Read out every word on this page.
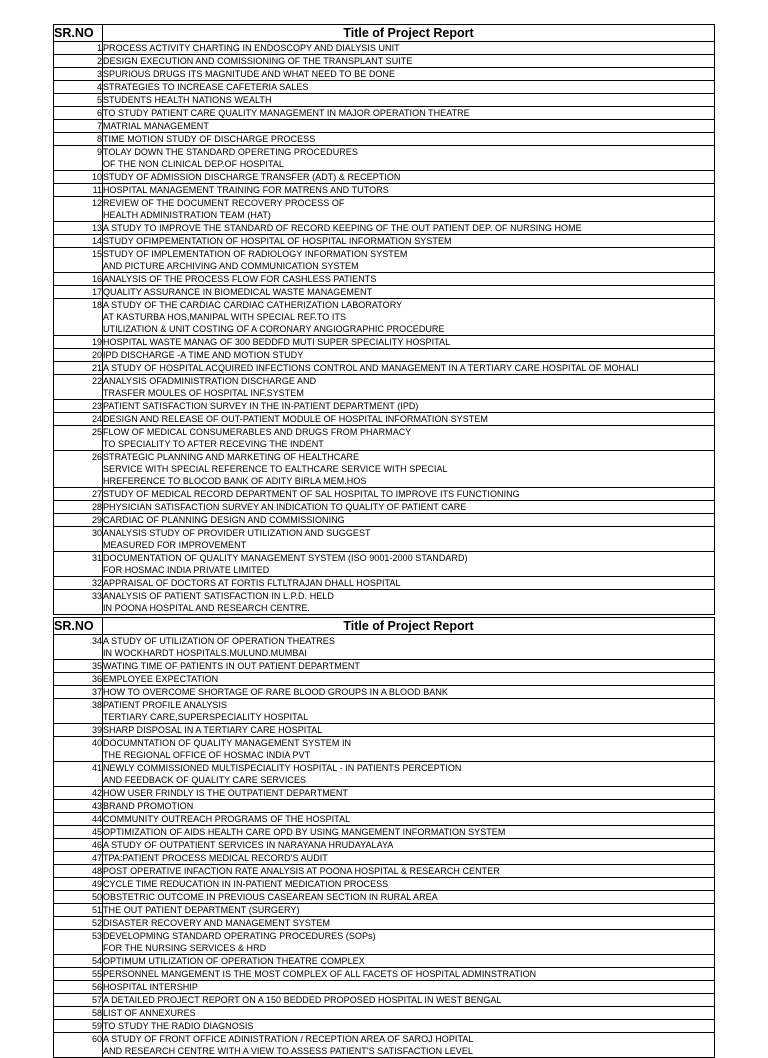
SR.NO	Title of Project Report
1	PROCESS ACTIVITY CHARTING IN ENDOSCOPY AND DIALYSIS UNIT
2	DESIGN EXECUTION AND COMISSIONING OF THE TRANSPLANT SUITE
3	SPURIOUS DRUGS ITS MAGNITUDE AND WHAT NEED TO BE DONE
4	STRATEGIES TO INCREASE CAFETERIA SALES
5	STUDENTS HEALTH NATIONS WEALTH
6	TO STUDY PATIENT CARE QUALITY MANAGEMENT IN MAJOR OPERATION THEATRE
7	MATRIAL MANAGEMENT
8	TIME MOTION STUDY OF DISCHARGE PROCESS
9	TOLAY DOWN THE STANDARD OPERETING PROCEDURES
	OF THE NON CLINICAL DEP.OF HOSPITAL
10	STUDY OF ADMISSION DISCHARGE TRANSFER (ADT) & RECEPTION
11	HOSPITAL MANAGEMENT TRAINING FOR MATRENS AND TUTORS
12	REVIEW OF THE DOCUMENT RECOVERY PROCESS OF
	HEALTH ADMINISTRATION TEAM (HAT)
13	A STUDY TO IMPROVE THE STANDARD OF RECORD KEEPING OF THE OUT PATIENT DEP. OF NURSING HOME
14	STUDY OFIMPEMENTATION OF HOSPITAL OF HOSPITAL INFORMATION SYSTEM
15	STUDY OF IMPLEMENTATION OF RADIOLOGY INFORMATION SYSTEM
	AND PICTURE ARCHIVING AND COMMUNICATION SYSTEM
16	ANALYSIS OF THE PROCESS FLOW FOR CASHLESS PATIENTS
17	QUALITY ASSURANCE IN BIOMEDICAL WASTE MANAGEMENT
18	A STUDY OF THE CARDIAC CARDIAC CATHERIZATION LABORATORY
	AT KASTURBA HOS,MANIPAL WITH SPECIAL REF.TO ITS
	UTILIZATION & UNIT COSTING OF A CORONARY ANGIOGRAPHIC PROCEDURE
19	HOSPITAL WASTE MANAG OF 300 BEDDFD MUTI SUPER SPECIALITY HOSPITAL
20	IPD DISCHARGE -A TIME AND MOTION STUDY
21	A STUDY OF HOSPITAL ACQUIRED INFECTIONS CONTROL AND MANAGEMENT IN A TERTIARY CARE HOSPITAL OF MOHALI
22	ANALYSIS OFADMINISTRATION DISCHARGE AND
	TRASFER MOULES OF HOSPITAL INF.SYSTEM
23	PATIENT SATISFACTION SURVEY IN THE IN-PATIENT DEPARTMENT (IPD)
24	DESIGN AND RELEASE OF OUT-PATIENT MODULE OF HOSPITAL INFORMATION SYSTEM
25	FLOW OF MEDICAL CONSUMERABLES AND DRUGS FROM PHARMACY
	TO SPECIALITY TO AFTER RECEVING THE INDENT
26	STRATEGIC PLANNING AND MARKETING OF HEALTHCARE
	SERVICE WITH SPECIAL REFERENCE TO EALTHCARE SERVICE WITH SPECIAL
	HREFERENCE TO BLOCOD BANK OF ADITY BIRLA MEM.HOS
27	STUDY OF MEDICAL RECORD DEPARTMENT OF SAL HOSPITAL TO IMPROVE ITS FUNCTIONING
28	PHYSICIAN SATISFACTION SURVEY AN INDICATION TO QUALITY OF PATIENT CARE
29	CARDIAC OF PLANNING DESIGN AND COMMISSIONING
30	ANALYSIS STUDY OF PROVIDER UTILIZATION AND SUGGEST
	MEASURED FOR IMPROVEMENT
31	DOCUMENTATION OF QUALITY MANAGEMENT SYSTEM (ISO 9001-2000 STANDARD)
	FOR HOSMAC INDIA PRIVATE LIMITED
32	APPRAISAL OF DOCTORS AT FORTIS FLTLTRAJAN DHALL HOSPITAL
33	ANALYSIS OF PATIENT SATISFACTION IN L.P.D. HELD
	IN POONA HOSPITAL AND RESEARCH CENTRE.
SR.NO	Title of Project Report
34	A STUDY OF UTILIZATION OF OPERATION THEATRES
	IN WOCKHARDT HOSPITALS.MULUND.MUMBAI
35	WATING TIME OF PATIENTS IN OUT PATIENT DEPARTMENT
36	EMPLOYEE EXPECTATION
37	HOW TO OVERCOME SHORTAGE OF RARE BLOOD GROUPS IN A BLOOD BANK
38	PATIENT PROFILE ANALYSIS
	TERTIARY CARE,SUPERSPECIALITY HOSPITAL
39	SHARP DISPOSAL IN A TERTIARY CARE HOSPITAL
40	DOCUMNTATION OF QUALITY MANAGEMENT SYSTEM IN
	THE REGIONAL OFFICE OF HOSMAC INDIA PVT
41	NEWLY COMMISSIONED MULTISPECIALITY HOSPITAL - IN PATIENTS PERCEPTION
	AND FEEDBACK OF QUALITY CARE SERVICES
42	HOW USER FRINDLY IS THE OUTPATIENT DEPARTMENT
43	BRAND PROMOTION
44	COMMUNITY OUTREACH PROGRAMS OF THE HOSPITAL
45	OPTIMIZATION OF AIDS HEALTH CARE OPD BY USING MANGEMENT INFORMATION SYSTEM
46	A STUDY OF OUTPATIENT SERVICES IN NARAYANA HRUDAYALAYA
47	TPA:PATIENT PROCESS MEDICAL RECORD'S AUDIT
48	POST OPERATIVE INFACTION RATE ANALYSIS AT POONA HOSPITAL & RESEARCH CENTER
49	CYCLE TIME REDUCATION IN IN-PATIENT MEDICATION PROCESS
50	OBSTETRIC OUTCOME IN PREVIOUS CASEAREAN SECTION IN RURAL AREA
51	THE OUT PATIENT DEPARTMENT (SURGERY)
52	DISASTER RECOVERY AND MANAGEMENT SYSTEM
53	DEVELOPMING STANDARD OPERATING PROCEDURES (SOPs)
	FOR THE NURSING SERVICES & HRD
54	OPTIMUM UTILIZATION OF OPERATION THEATRE COMPLEX
55	PERSONNEL MANGEMENT IS THE MOST COMPLEX OF ALL FACETS OF HOSPITAL ADMINSTRATION
56	HOSPITAL INTERSHIP
57	A DETAILED PROJECT REPORT ON A 150 BEDDED PROPOSED HOSPITAL IN WEST BENGAL
58	LIST OF ANNEXURES
59	TO STUDY THE RADIO DIAGNOSIS
60	A STUDY OF FRONT OFFICE ADINISTRATION / RECEPTION AREA OF SAROJ HOPITAL
	AND RESEARCH CENTRE WITH A VIEW TO ASSESS PATIENT'S SATISFACTION LEVEL
